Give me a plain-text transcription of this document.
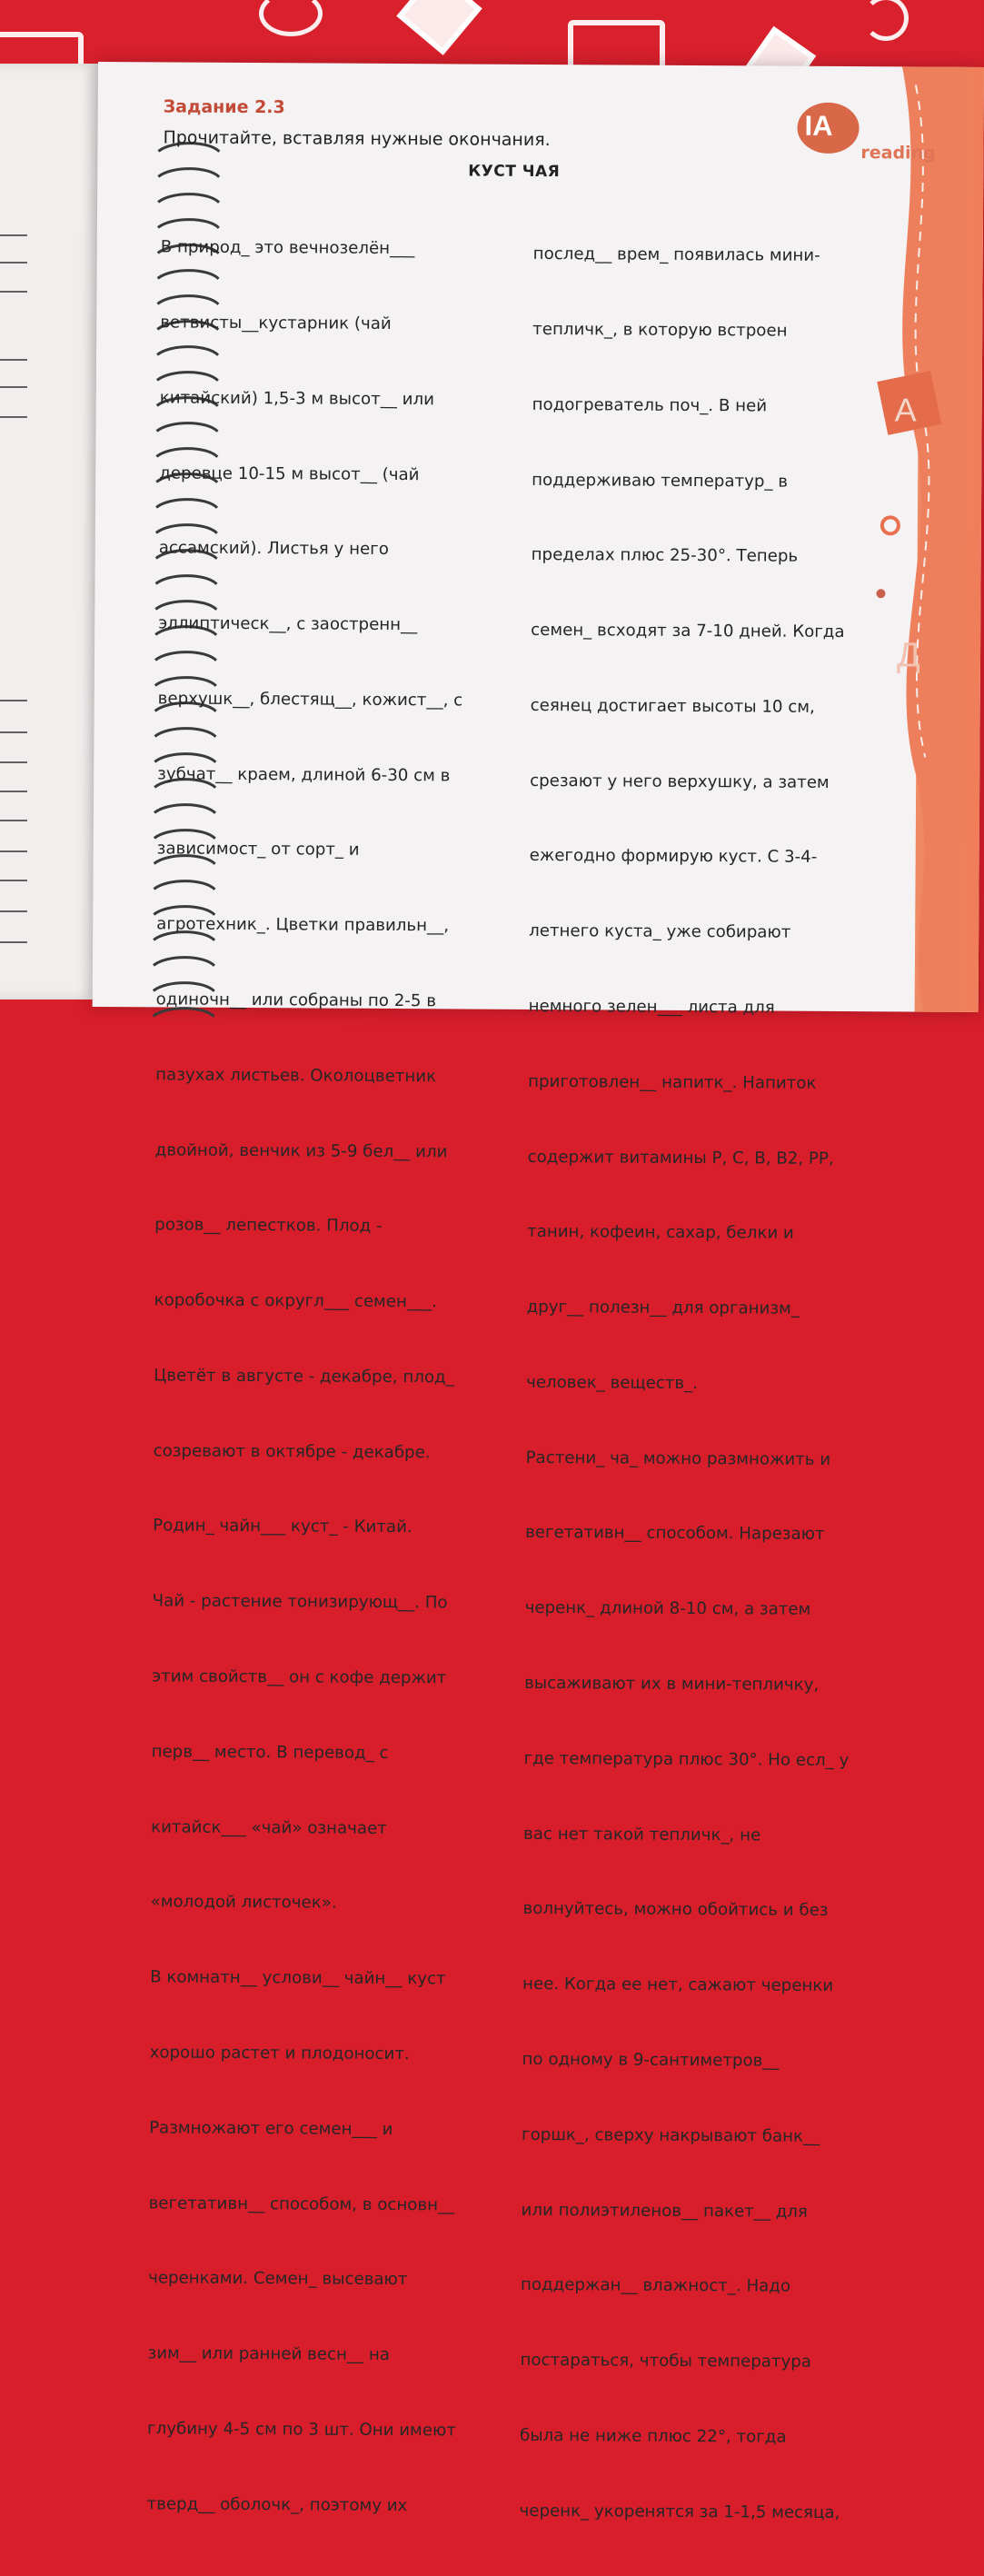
A
Д
Задание 2.3
Прочитайте, вставляя нужные окончания.	IA
reading
КУСТ ЧАЯ

В природ_ это вечнозелён___

ветвисты__кустарник (чай

китайский) 1,5-3 м высот__ или

деревце 10-15 м высот__ (чай

ассамский). Листья у него

эллиптическ__, с заостренн__

верхушк__, блестящ__, кожист__, с

зубчат__ краем, длиной 6-30 см в

зависимост_ от сорт_ и

агротехник_. Цветки правильн__,

одиночн__ или собраны по 2-5 в

пазухах листьев. Околоцветник

двойной, венчик из 5-9 бел__ или

розов__ лепестков. Плод -

коробочка с округл___ семен___.

Цветёт в августе - декабре, плод_

созревают в октябре - декабре.

Родин_ чайн___ куст_ - Китай.

Чай - растение тонизирующ__. По

этим свойств__ он с кофе держит

перв__ место. В перевод_ с

китайск___ «чай» означает

«молодой листочек».

В комнатн__ услови__ чайн__ куст

хорошо растет и плодоносит.

Размножают его семен___ и

вегетативн__ способом, в основн__

черенками. Семен_ высевают

зим__ или ранней весн__ на

глубину 4-5 см по 3 шт. Они имеют

тверд__ оболочк_, поэтому их

послед__ врем_ появилась мини-

тепличк_, в которую встроен

подогреватель поч_. В ней

поддерживаю температур_ в

пределах плюс 25-30°. Теперь

семен_ всходят за 7-10 дней. Когда

сеянец достигает высоты 10 см,

срезают у него верхушку, а затем

ежегодно формирую куст. С 3-4-

летнего куста_ уже собирают

немного зелен___ листа для

приготовлен__ напитк_. Напиток

содержит витамины Р, С, В, В2, РР,

танин, кофеин, сахар, белки и

друг__ полезн__ для организм_

человек_ веществ_.

Растени_ ча_ можно размножить и

вегетативн__ способом. Нарезают

черенк_ длиной 8-10 см, а затем

высаживают их в мини-тепличку,

где температура плюс 30°. Но есл_ у

вас нет такой тепличк_, не

волнуйтесь, можно обойтись и без

нее. Когда ее нет, сажают черенки

по одному в 9-сантиметров__

горшк_, сверху накрывают банк__

или полиэтиленов__ пакет__ для

поддержан__ влажност_. Надо

постараться, чтобы температура

была не ниже плюс 22°, тогда

черенк_ укоренятся за 1-1,5 месяца,
